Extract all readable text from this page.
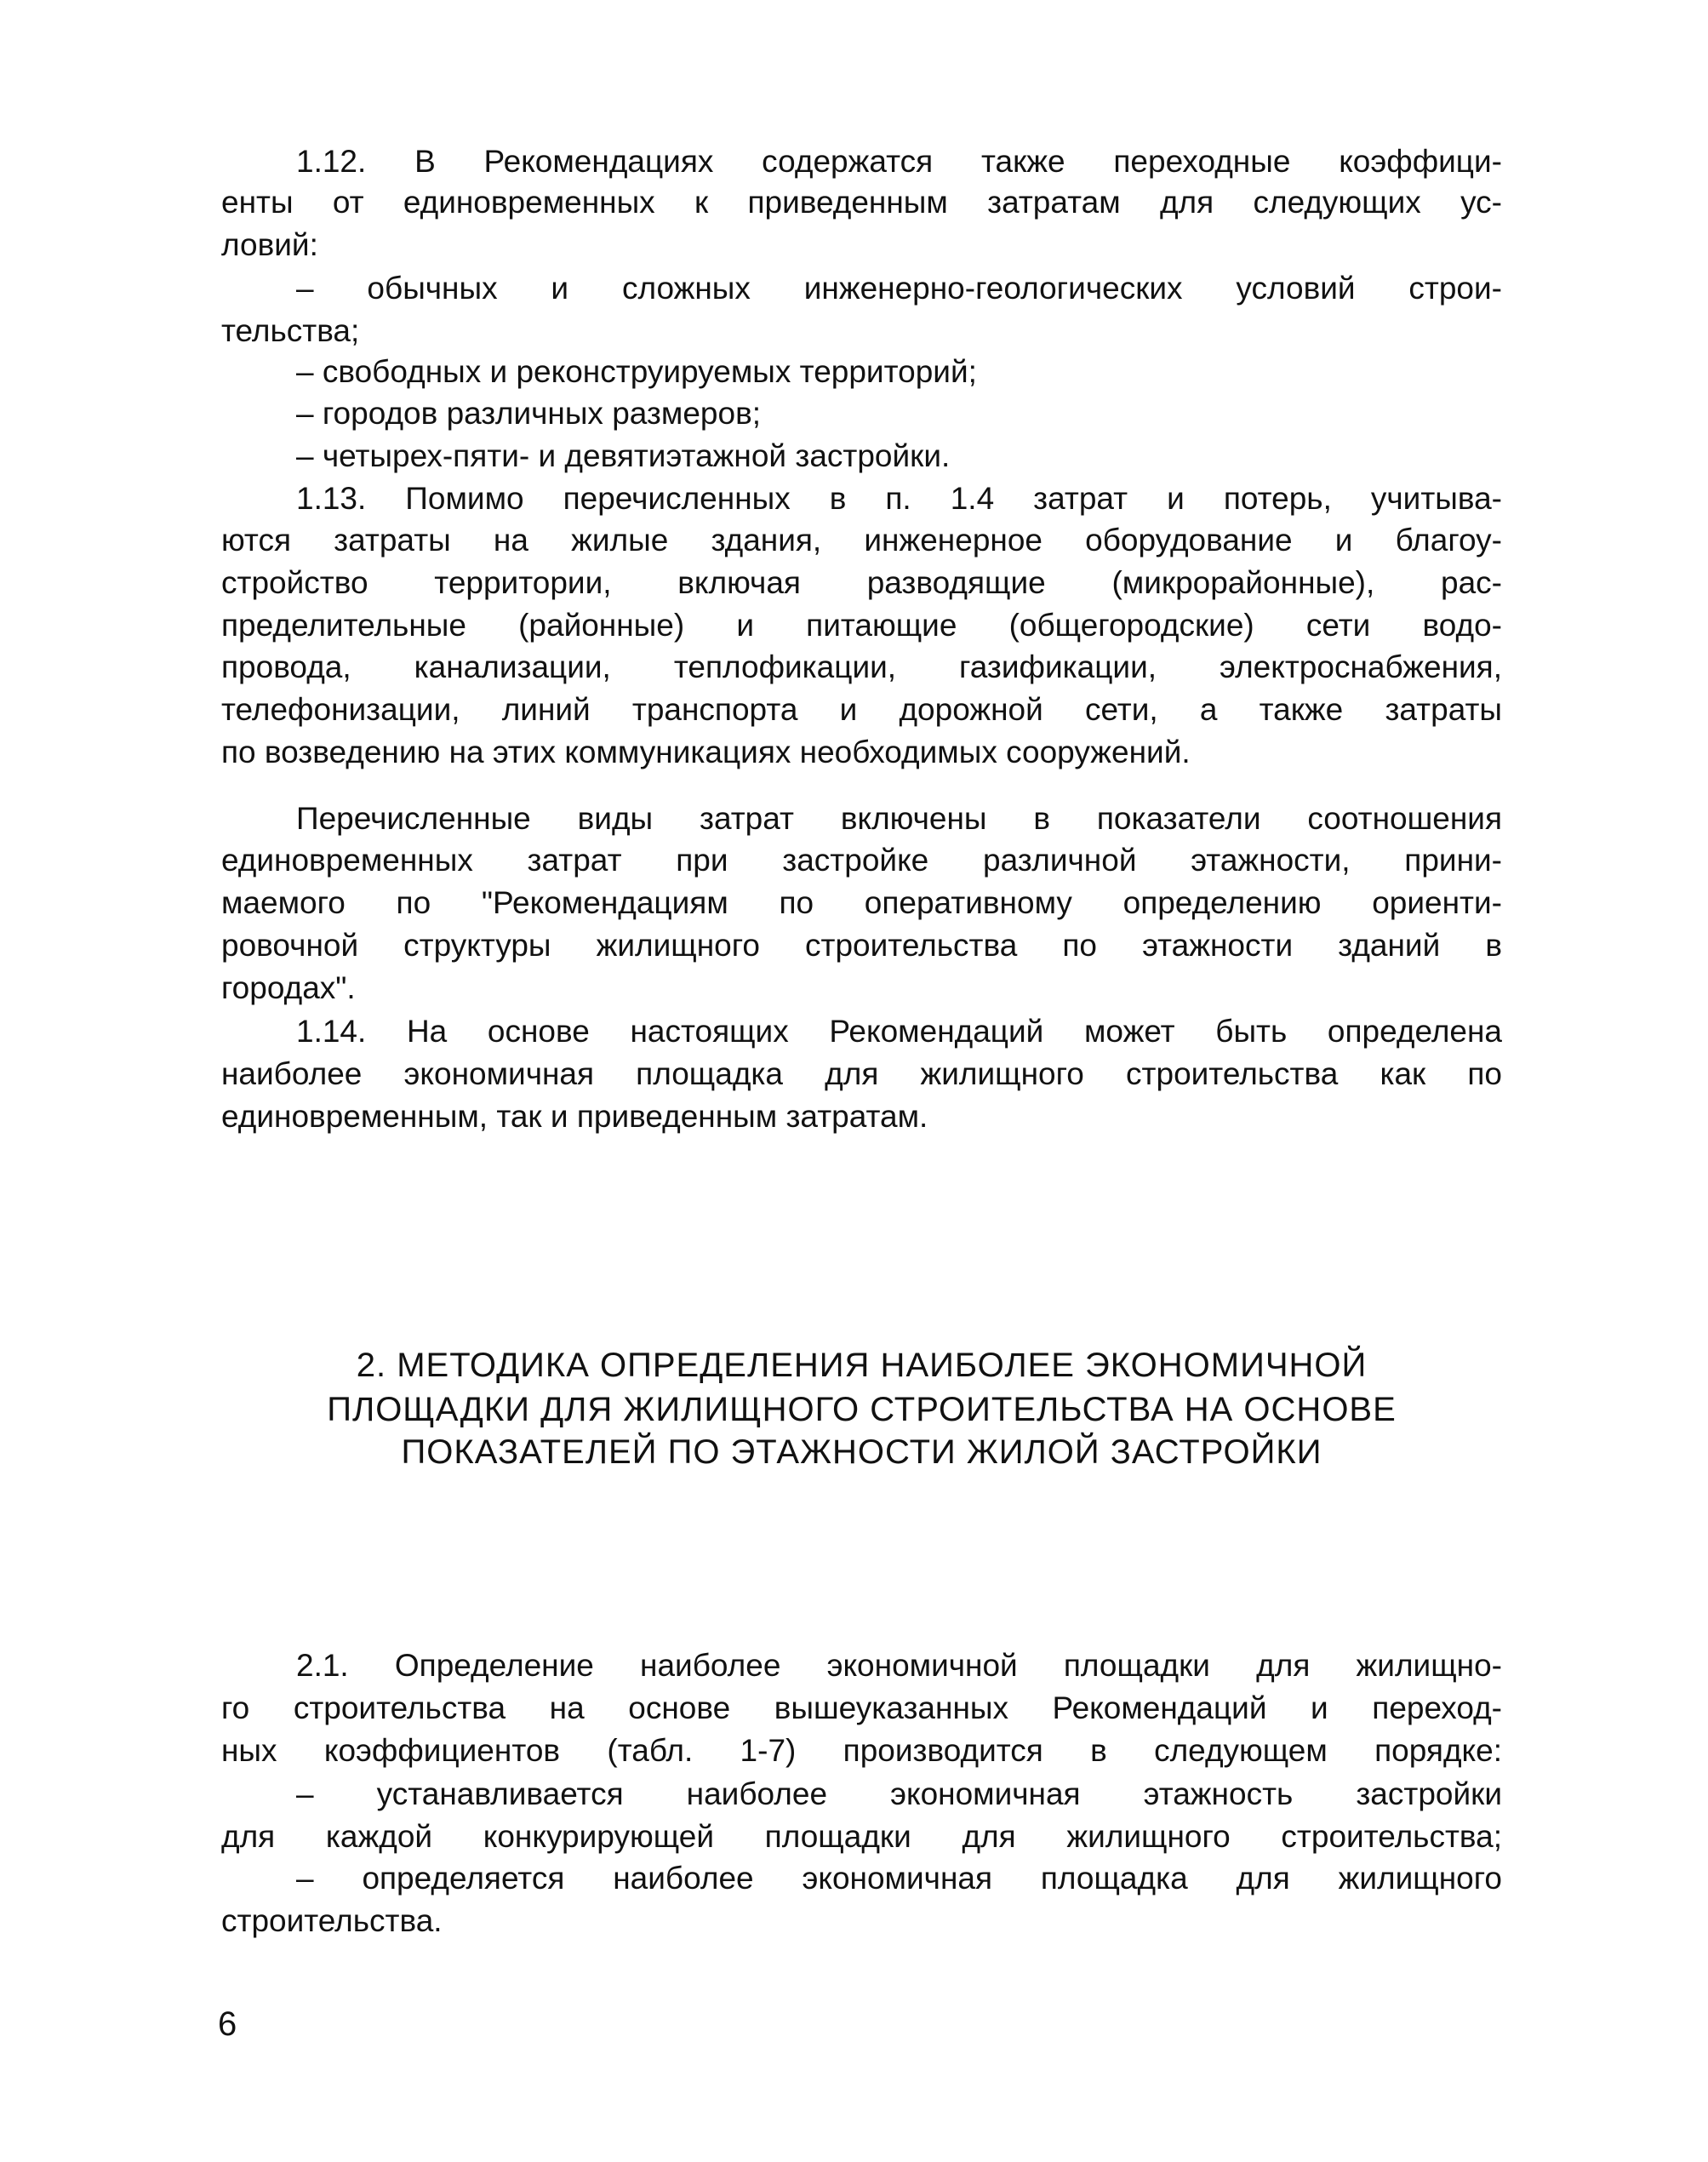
1.12. В Рекомендациях содержатся также переходные коэффици-
енты от единовременных к приведенным затратам для следующих ус-
ловий:
– обычных и сложных инженерно-геологических условий строи-
тельства;
– свободных и реконструируемых территорий;
– городов различных размеров;
– четырех-пяти- и девятиэтажной застройки.
1.13. Помимо перечисленных в п. 1.4 затрат и потерь, учитыва-
ются затраты на жилые здания, инженерное оборудование и благоу-
стройство территории, включая разводящие (микрорайонные), рас-
пределительные (районные) и питающие (общегородские) сети водо-
провода, канализации, теплофикации, газификации, электроснабжения,
телефонизации, линий транспорта и дорожной сети, а также затраты
по возведению на этих коммуникациях необходимых сооружений.
Перечисленные виды затрат включены в показатели соотношения
единовременных затрат при застройке различной этажности, прини-
маемого по "Рекомендациям по оперативному определению ориенти-
ровочной структуры жилищного строительства по этажности зданий в
городах".
1.14. На основе настоящих Рекомендаций может быть определена
наиболее экономичная площадка для жилищного строительства как по
единовременным, так и приведенным затратам.
2. МЕТОДИКА ОПРЕДЕЛЕНИЯ НАИБОЛЕЕ ЭКОНОМИЧНОЙ
ПЛОЩАДКИ ДЛЯ ЖИЛИЩНОГО СТРОИТЕЛЬСТВА НА ОСНОВЕ
ПОКАЗАТЕЛЕЙ ПО ЭТАЖНОСТИ ЖИЛОЙ ЗАСТРОЙКИ
2.1. Определение наиболее экономичной площадки для жилищно-
го строительства на основе вышеуказанных Рекомендаций и переход-
ных коэффициентов (табл. 1-7) производится в следующем порядке:
– устанавливается наиболее экономичная этажность застройки
для каждой конкурирующей площадки для жилищного строительства;
– определяется наиболее экономичная площадка для жилищного
строительства.
6
